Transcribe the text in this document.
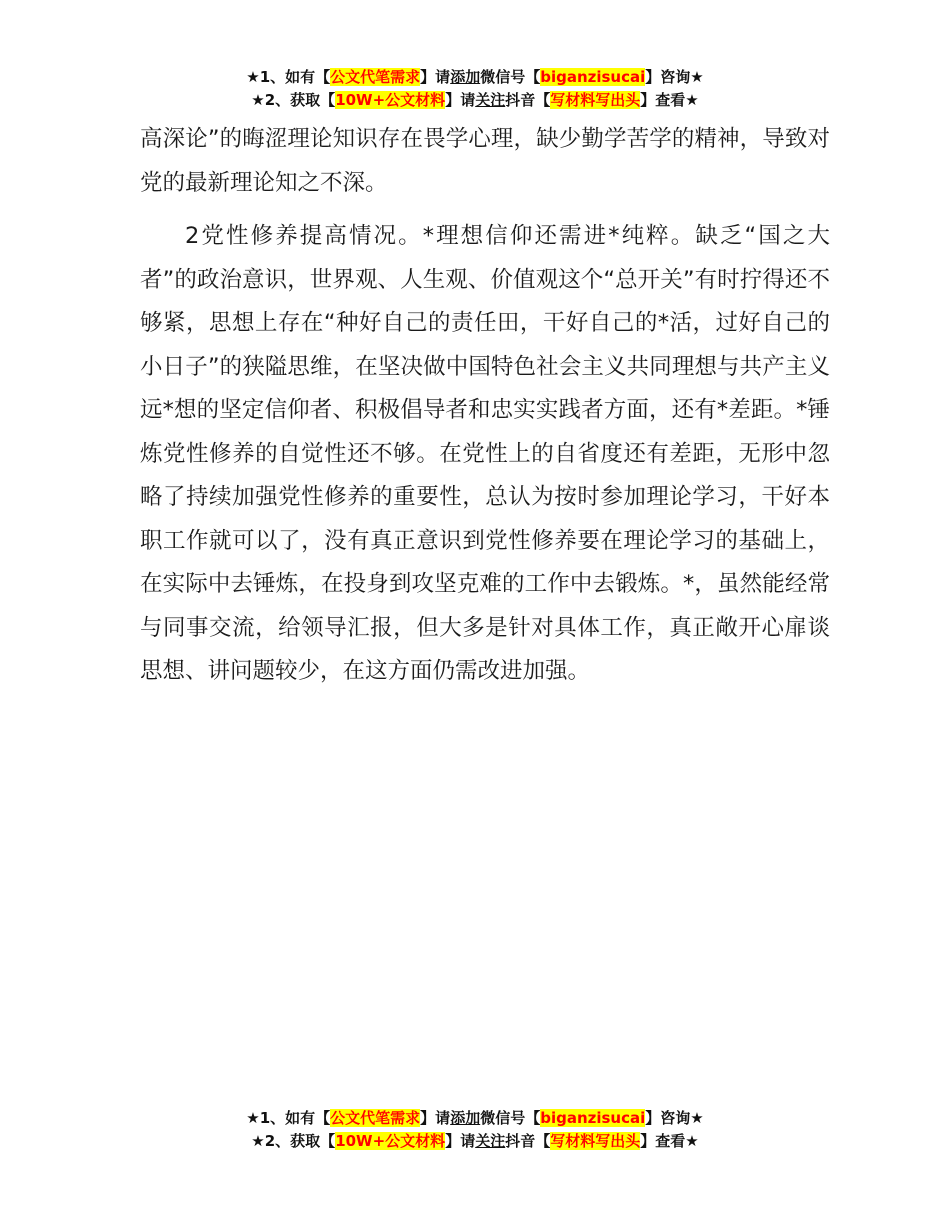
★1、如有【公文代笔需求】请添加微信号【biganzisucai】咨询★
★2、获取【10W+公文材料】请关注抖音【写材料写出头】查看★

高深论”的晦涩理论知识存在畏学心理，缺少勤学苦学的精神，导致对党的最新理论知之不深。

2党性修养提高情况。*理想信仰还需进*纯粹。缺乏“国之大者”的政治意识，世界观、人生观、价值观这个“总开关”有时拧得还不够紧，思想上存在“种好自己的责任田，干好自己的*活，过好自己的小日子”的狭隘思维，在坚决做中国特色社会主义共同理想与共产主义远*想的坚定信仰者、积极倡导者和忠实实践者方面，还有*差距。*锤炼党性修养的自觉性还不够。在党性上的自省度还有差距，无形中忽略了持续加强党性修养的重要性，总认为按时参加理论学习，干好本职工作就可以了，没有真正意识到党性修养要在理论学习的基础上，在实际中去锤炼，在投身到攻坚克难的工作中去锻炼。*，虽然能经常与同事交流，给领导汇报，但大多是针对具体工作，真正敞开心扉谈思想、讲问题较少，在这方面仍需改进加强。

★1、如有【公文代笔需求】请添加微信号【biganzisucai】咨询★
★2、获取【10W+公文材料】请关注抖音【写材料写出头】查看★
